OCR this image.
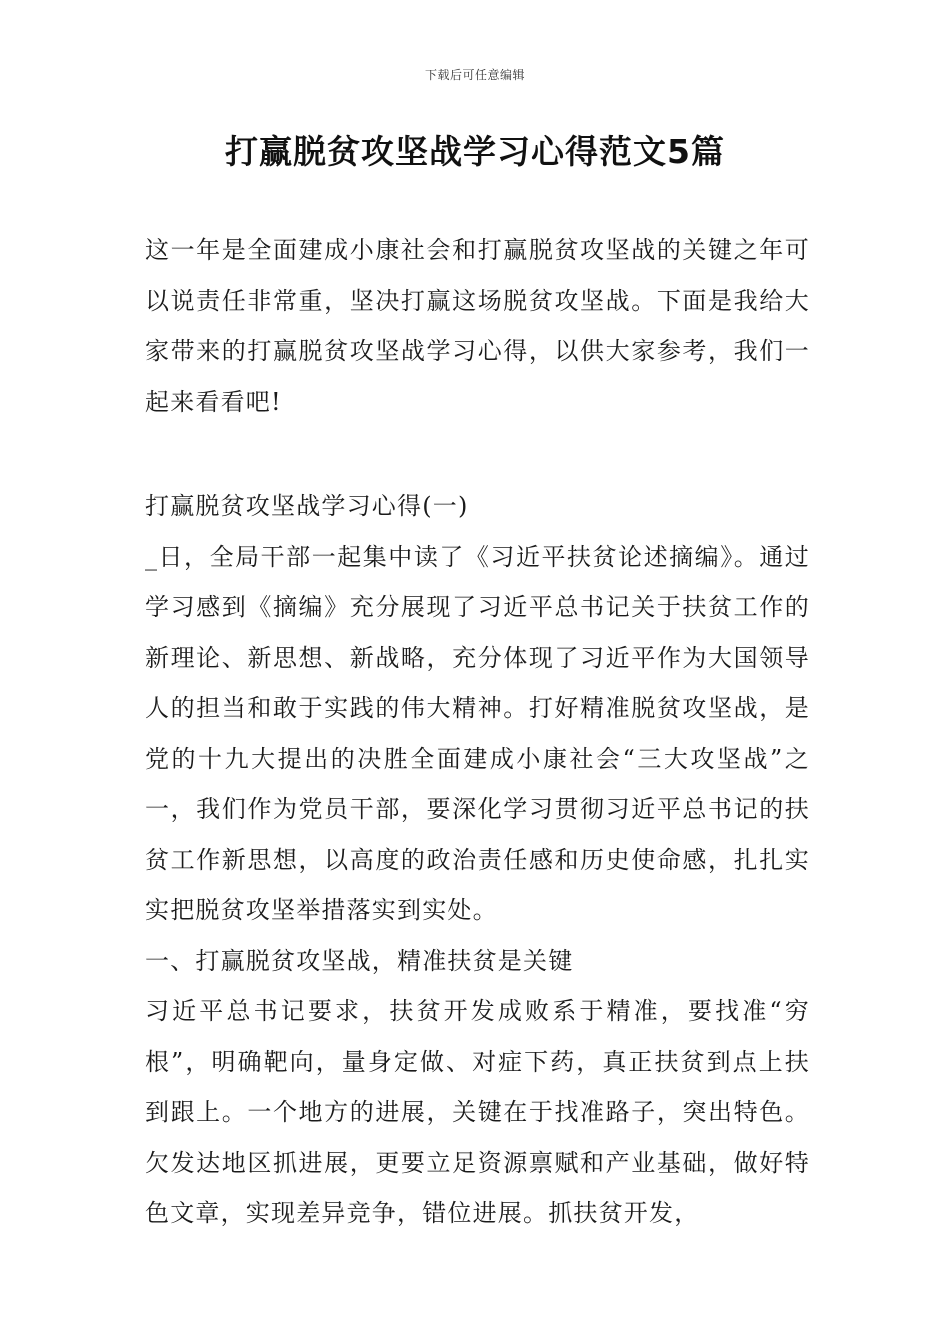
下载后可任意编辑
打赢脱贫攻坚战学习心得范文5篇

这一年是全面建成小康社会和打赢脱贫攻坚战的关键之年可以说责任非常重，坚决打赢这场脱贫攻坚战。下面是我给大家带来的打赢脱贫攻坚战学习心得，以供大家参考，我们一起来看看吧!

打赢脱贫攻坚战学习心得(一)

_日，全局干部一起集中读了《习近平扶贫论述摘编》。通过学习感到《摘编》充分展现了习近平总书记关于扶贫工作的新理论、新思想、新战略，充分体现了习近平作为大国领导人的担当和敢于实践的伟大精神。打好精准脱贫攻坚战，是党的十九大提出的决胜全面建成小康社会“三大攻坚战”之一，我们作为党员干部，要深化学习贯彻习近平总书记的扶贫工作新思想，以高度的政治责任感和历史使命感，扎扎实实把脱贫攻坚举措落实到实处。

一、打赢脱贫攻坚战，精准扶贫是关键

习近平总书记要求，扶贫开发成败系于精准，要找准“穷根”，明确靶向，量身定做、对症下药，真正扶贫到点上扶到跟上。一个地方的进展，关键在于找准路子，突出特色。欠发达地区抓进展，更要立足资源禀赋和产业基础，做好特色文章，实现差异竞争，错位进展。抓扶贫开发，
